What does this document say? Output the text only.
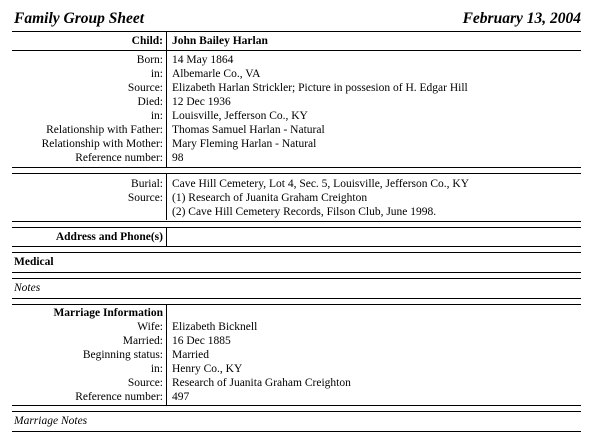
Family Group Sheet	February 13, 2004
Child: John Bailey Harlan
Born: 14 May 1864
in: Albemarle Co., VA
Source: Elizabeth Harlan Strickler; Picture in possesion of H. Edgar Hill
Died: 12 Dec 1936
in: Louisville, Jefferson Co., KY
Relationship with Father: Thomas Samuel Harlan - Natural
Relationship with Mother: Mary Fleming Harlan - Natural
Reference number: 98
Burial: Cave Hill Cemetery, Lot 4, Sec. 5, Louisville, Jefferson Co., KY
Source: (1) Research of Juanita Graham Creighton
(2) Cave Hill Cemetery Records, Filson Club, June 1998.
Address and Phone(s)
Medical
Notes
Marriage Information
Wife: Elizabeth Bicknell
Married: 16 Dec 1885
Beginning status: Married
in: Henry Co., KY
Source: Research of Juanita Graham Creighton
Reference number: 497
Marriage Notes
